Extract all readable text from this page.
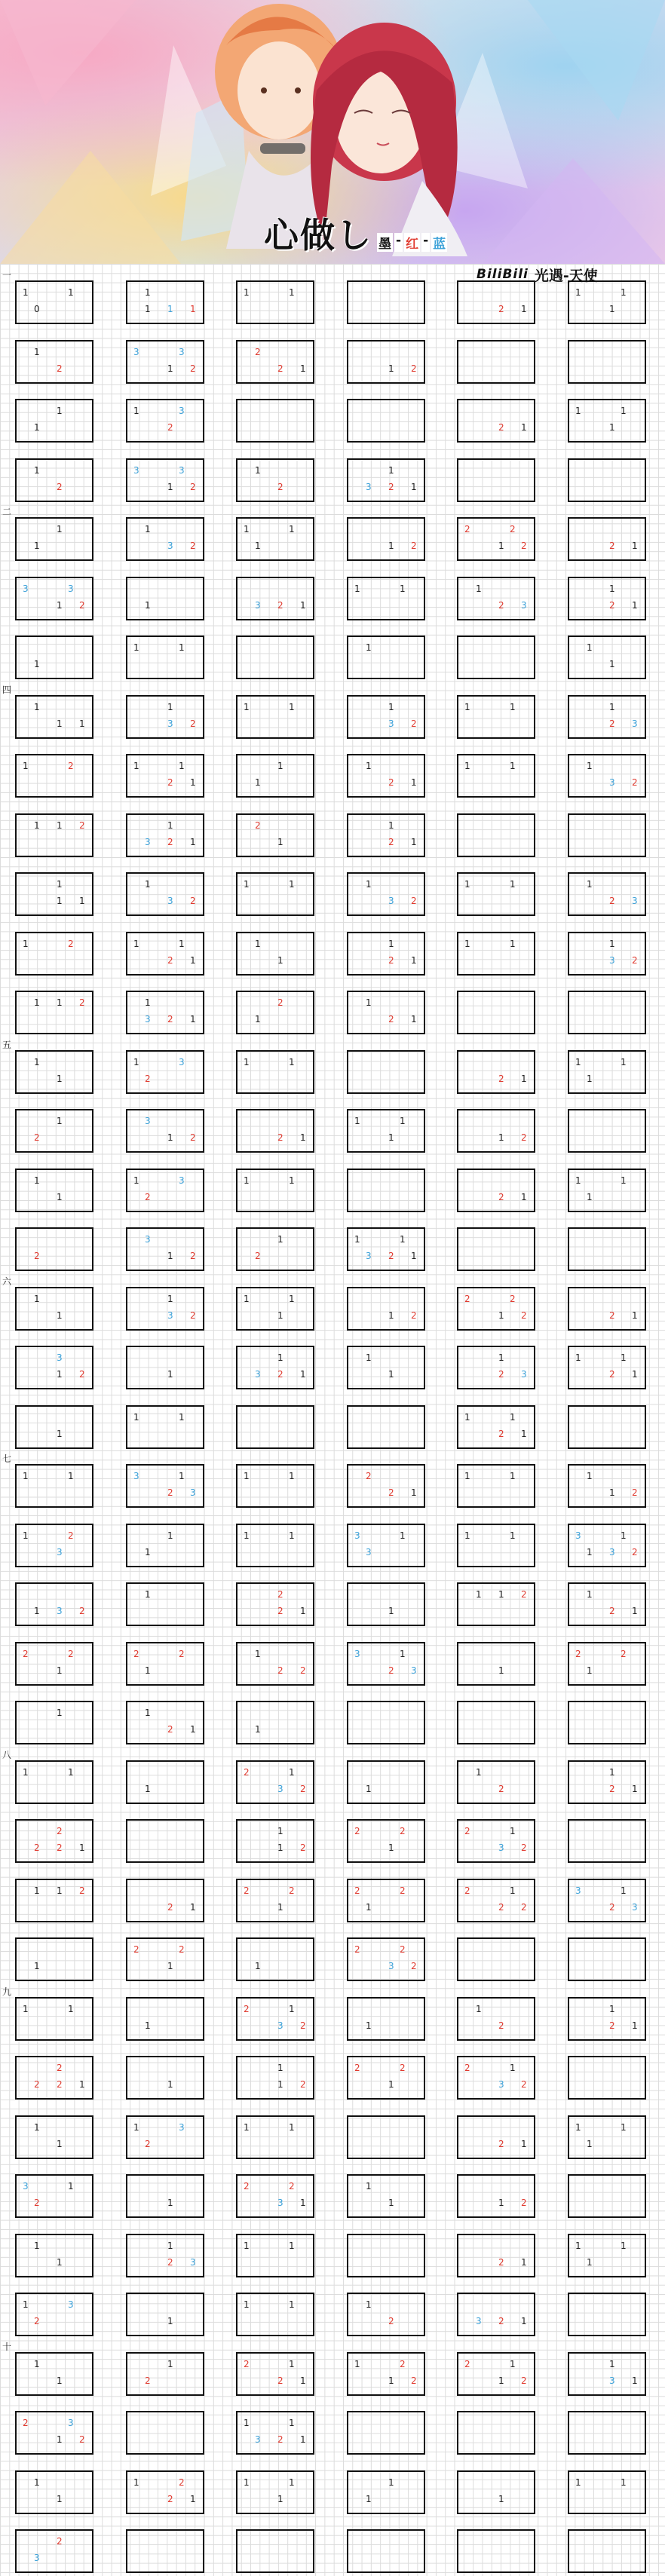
心做し 墨 - 红 - 蓝
一
二
四
五
六
七
八
九
十
1	1
0
1
1 1 1
1	1
2 1
1	1
1
1
2
3	3
1 2
2
2 1	1 2
1
1
1	3
2	2 1
1	1
1
1
2
3	3
1 2
1
2
1
3 2 1
1
1
1
3 2
1	1
1	1 2
2	2
1 2	2 1
3	3
1 2	1	3 2 1
1	1	1
2 3
1
2 1
1
1	1	1	1
1
1
1 1
1
3 2
1	1	1
3 2
1	1	1
2 3
1	2	1	1
2 1
1
1
1
2 1
1	1	1
3 2
1 1 2	1
3 2 1
2
1
1
2 1
1
1 1
1
3 2
1	1	1
3 2
1	1	1
2 3
1	2	1	1
2 1
1
1
1
2 1
1	1	1
3 2
1 1 2	1
3 2 1
2
1
1
2 1
1
1
1	3
2
1	1
2 1
1	1
1
1
2
3
1 2	2 1
1	1
1	1 2
1
1
1	3
2
1	1
2 1
1	1
1
2
3
1 2
1
2
1	1
3 2 1
1
1
1
3 2
1	1
1	1 2
2	2
1 2	2 1
3
1 2	1
1
3 2 1
1
1
1
2 3
1	1
2 1
1
1	1	1	1
2 1
1	1	3	1
2 3
1	1	2
2 1
1	1	1
1 2
1	2
3
1
1
1	1	3	1
3
1	1	3	1
1 3 2
1 3 2
1	2
2 1	1
1 1 2	1
2 1
2	2
1
2	2
1
1
2 2
3	1
2 3	1
2	2
1
1	1
2 1	1
1	1
1
2	1
3 2	1
1
2
1
2 1
2
2 2 1
1
1 2
2	2
1
2	1
3 2
1 1 2
2 1
2	2
1
2	2
1
2	1
2 2
3	1
2 3
1
2	2
1	1
2	2
3 2
1	1
1
2	1
3 2	1
1
2
1
2 1
2
2 2 1	1
1
1 2
2	2
1
2	1
3 2
1
1
1	3
2
1	1
2 1
1	1
1
3	1
2	1
2	2
3 1
1
1	1 2
1
1
1
2 3
1	1
2 1
1	1
1
1	3
2	1
1	1	1
2	3 2 1
1
1
1
2
2	1
2 1
1	2
1 2
2	1
1 2
1
3 1
2	3
1 2
1	1
3 2 1
1
1
1	2
2 1
1	1
1
1
1	1
1	1
2
3
BiliBili 光遇-天使
